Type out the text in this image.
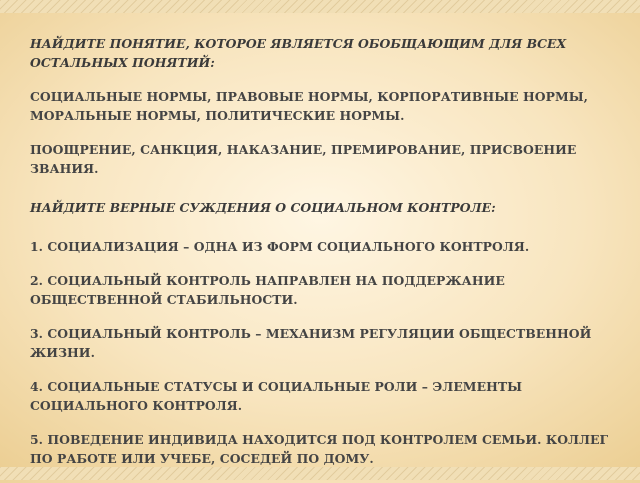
НАЙДИТЕ ПОНЯТИЕ, КОТОРОЕ ЯВЛЯЕТСЯ ОБОБЩАЮЩИМ ДЛЯ ВСЕХ ОСТАЛЬНЫХ ПОНЯТИЙ:

СОЦИАЛЬНЫЕ НОРМЫ, ПРАВОВЫЕ НОРМЫ, КОРПОРАТИВНЫЕ НОРМЫ, МОРАЛЬНЫЕ НОРМЫ, ПОЛИТИЧЕСКИЕ НОРМЫ.

ПООЩРЕНИЕ, САНКЦИЯ, НАКАЗАНИЕ, ПРЕМИРОВАНИЕ, ПРИСВОЕНИЕ ЗВАНИЯ.

НАЙДИТЕ ВЕРНЫЕ СУЖДЕНИЯ О СОЦИАЛЬНОМ КОНТРОЛЕ:

1. СОЦИАЛИЗАЦИЯ – ОДНА ИЗ ФОРМ СОЦИАЛЬНОГО КОНТРОЛЯ.

2. СОЦИАЛЬНЫЙ КОНТРОЛЬ НАПРАВЛЕН НА ПОДДЕРЖАНИЕ ОБЩЕСТВЕННОЙ СТАБИЛЬНОСТИ.

3. СОЦИАЛЬНЫЙ КОНТРОЛЬ – МЕХАНИЗМ РЕГУЛЯЦИИ ОБЩЕСТВЕННОЙ ЖИЗНИ.

4. СОЦИАЛЬНЫЕ СТАТУСЫ И СОЦИАЛЬНЫЕ РОЛИ – ЭЛЕМЕНТЫ СОЦИАЛЬНОГО КОНТРОЛЯ.

5. ПОВЕДЕНИЕ ИНДИВИДА НАХОДИТСЯ ПОД КОНТРОЛЕМ СЕМЬИ. КОЛЛЕГ ПО РАБОТЕ ИЛИ УЧЕБЕ, СОСЕДЕЙ ПО ДОМУ.
